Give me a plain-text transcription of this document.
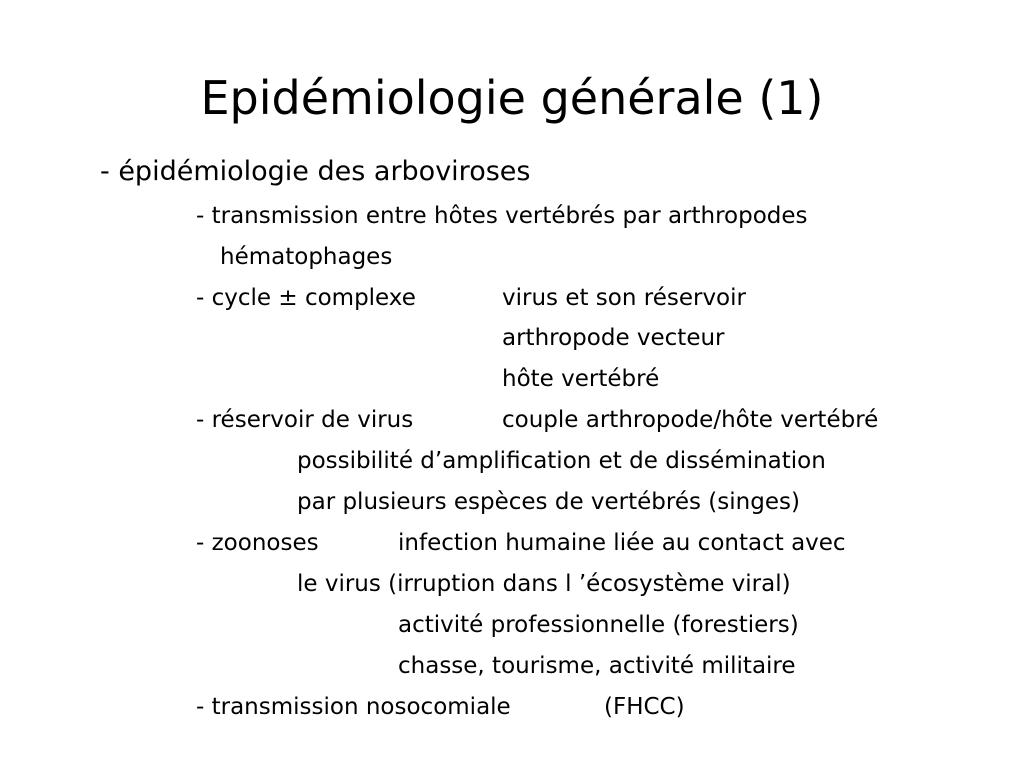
Epidémiologie générale (1)
- épidémiologie des arboviroses
- transmission entre hôtes vertébrés par arthropodes
hématophages
- cycle ± complexe	virus et son réservoir
arthropode vecteur
hôte vertébré
- réservoir de virus	couple arthropode/hôte vertébré
possibilité d’amplification et de dissémination
par plusieurs espèces de vertébrés (singes)
- zoonoses	infection humaine liée au contact avec
le virus (irruption dans l ’écosystème viral)
activité professionnelle (forestiers)
chasse, tourisme, activité militaire
- transmission nosocomiale	(FHCC)
